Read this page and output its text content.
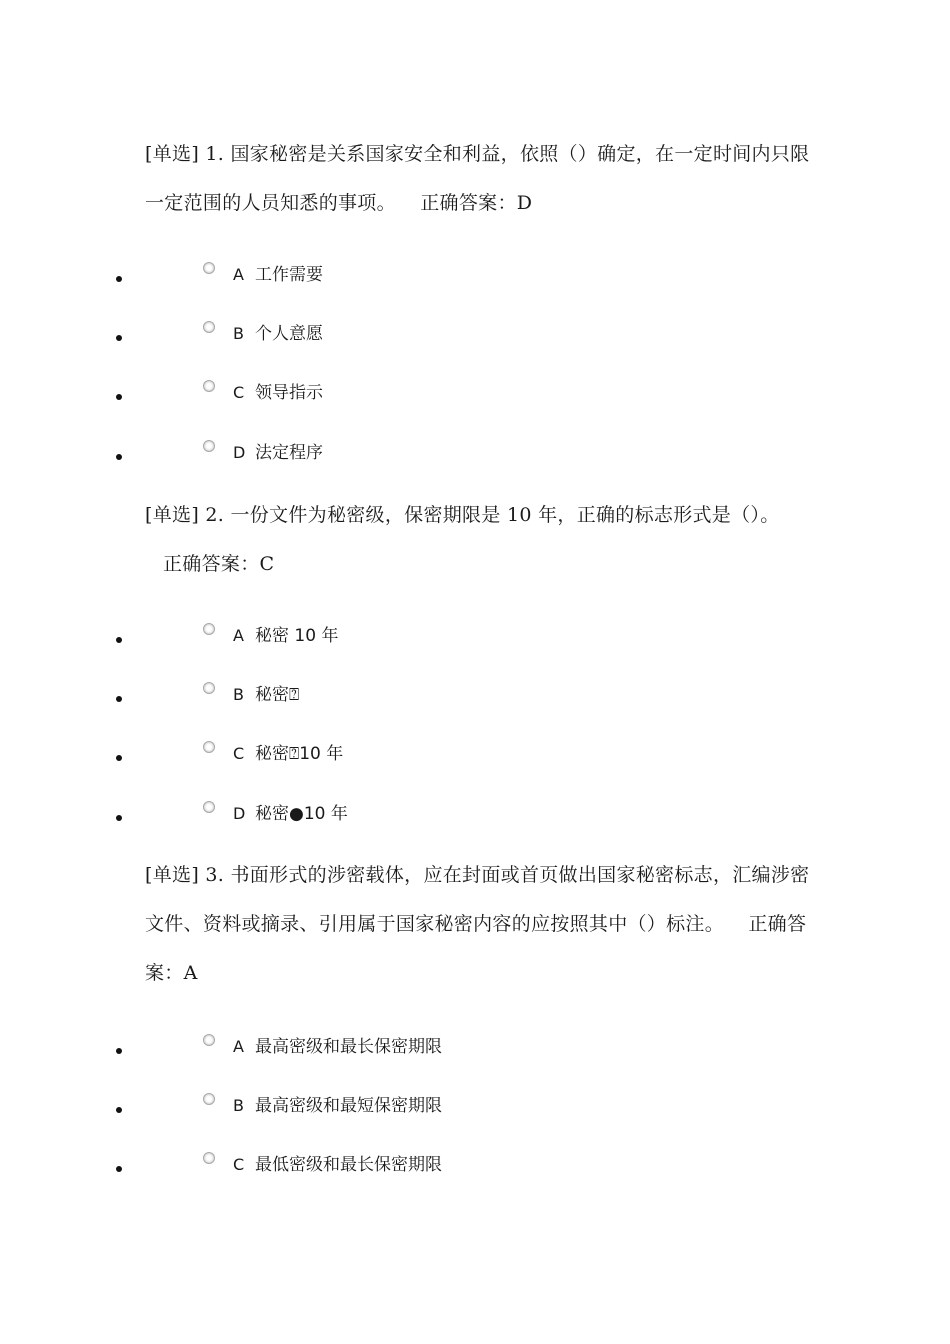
[单选] 1. 国家秘密是关系国家安全和利益，依照（）确定，在一定时间内只限一定范围的人员知悉的事项。 正确答案：D
A 工作需要
B 个人意愿
C 领导指示
D 法定程序
[单选] 2. 一份文件为秘密级，保密期限是 10 年，正确的标志形式是（）。 正确答案：C
A 秘密 10 年
B 秘密⍰
C 秘密⍰10 年
D 秘密●10 年
[单选] 3. 书面形式的涉密载体，应在封面或首页做出国家秘密标志，汇编涉密文件、资料或摘录、引用属于国家秘密内容的应按照其中（）标注。 正确答案：A
A 最高密级和最长保密期限
B 最高密级和最短保密期限
C 最低密级和最长保密期限
